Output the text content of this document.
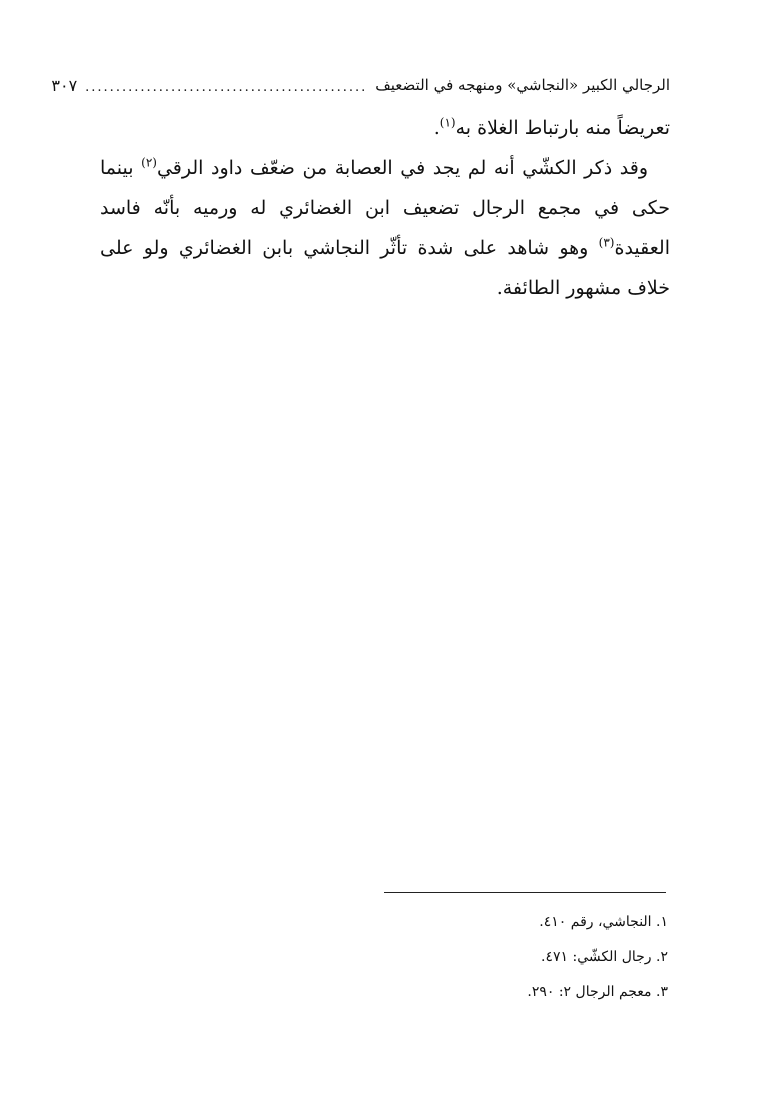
الرجالي الكبير «النجاشي» ومنهجه في التضعيف
..............................................
٣٠٧

تعريضاً منه بارتباط الغلاة به$^{(١)}$.

وقد ذكر الكشّي أنه لم يجد في العصابة من ضعّف داود الرقي$^{(٢)}$ بينما حكى في مجمع الرجال تضعيف ابن الغضائري له ورميه بأنّه فاسد العقيدة$^{(٣)}$ وهو شاهد على شدة تأثّر النجاشي بابن الغضائري ولو على خلاف مشهور الطائفة.

١. النجاشي، رقم ٤١٠.
٢. رجال الكشّي: ٤٧١.
٣. معجم الرجال ٢: ٢٩٠.
